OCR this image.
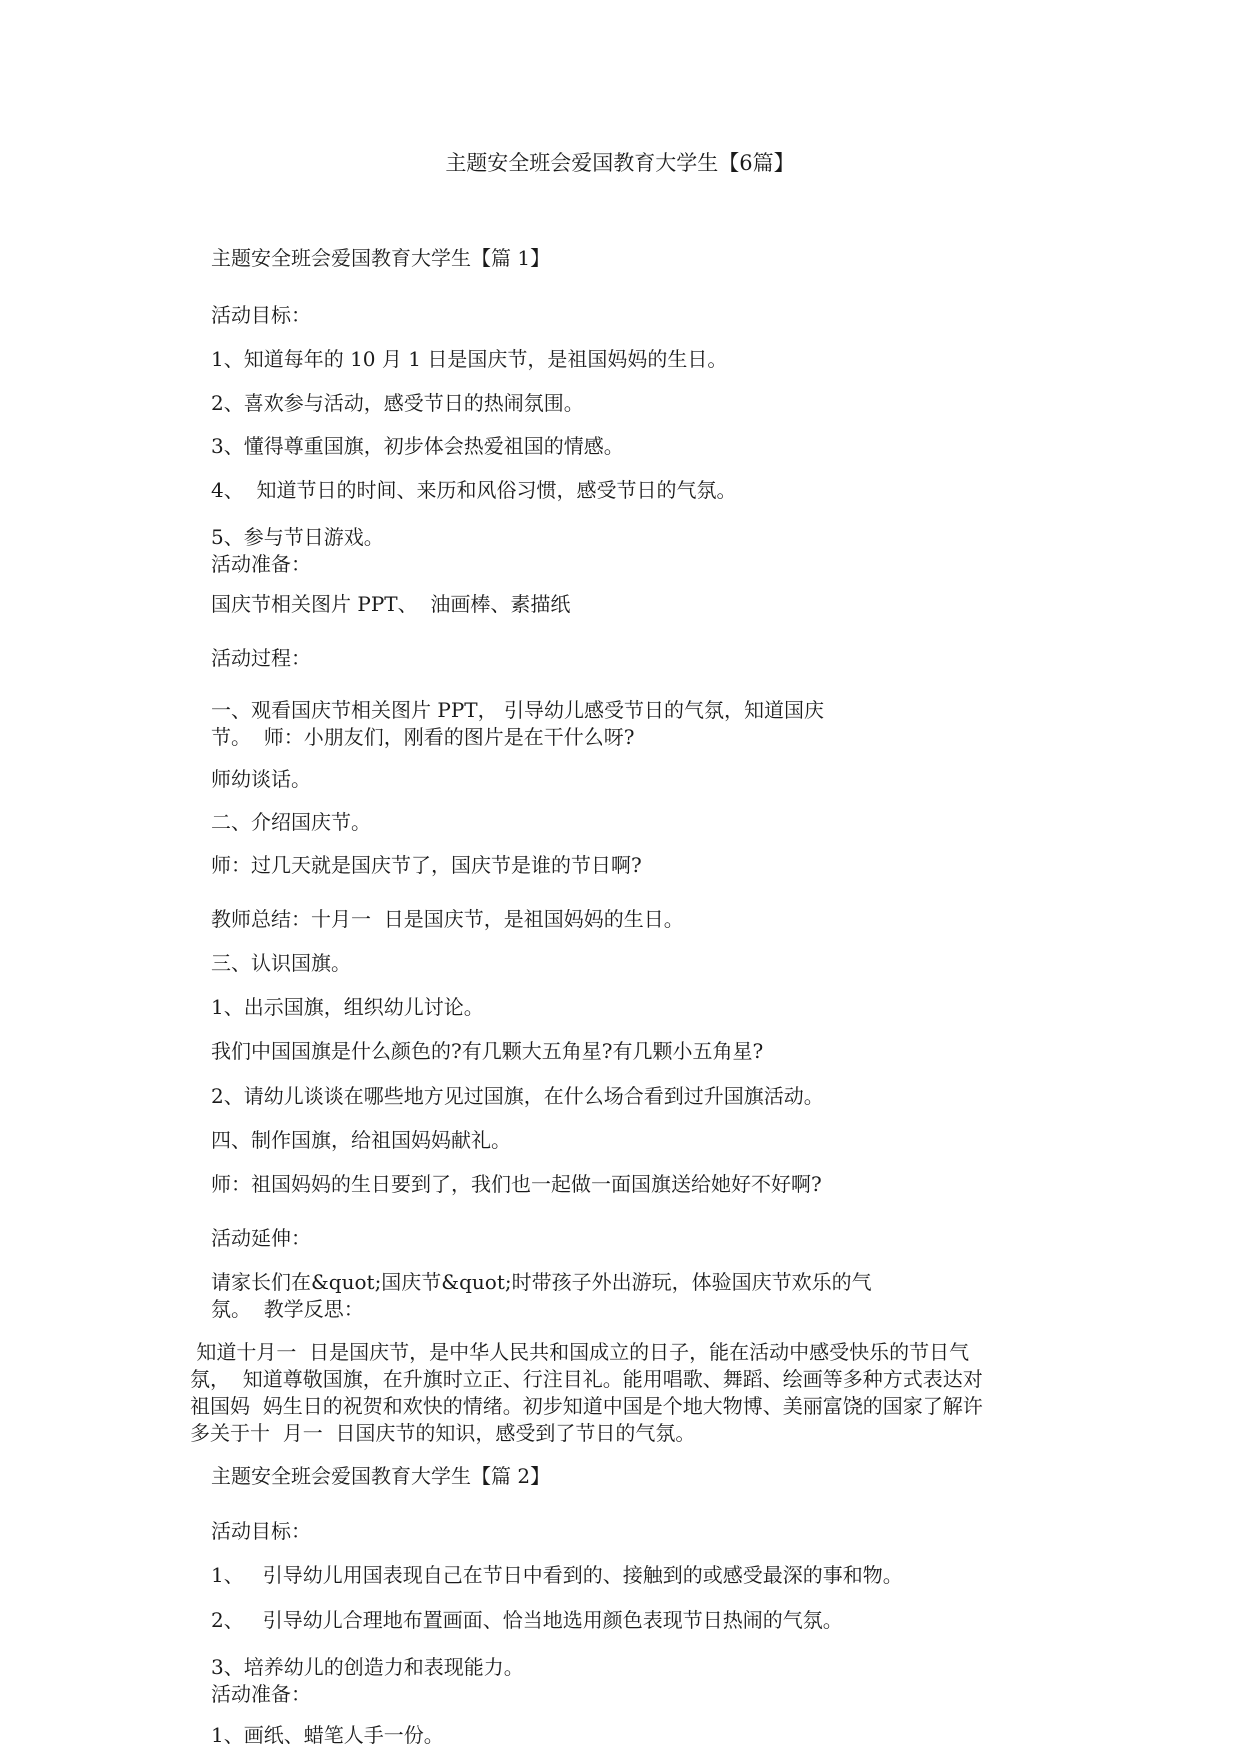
主题安全班会爱国教育大学生【6篇】
主题安全班会爱国教育大学生【篇 1】
活动目标：
1、知道每年的 10 月 1 日是国庆节，是祖国妈妈的生日。
2、喜欢参与活动，感受节日的热闹氛围。
3、懂得尊重国旗，初步体会热爱祖国的情感。
4、  知道节日的时间、来历和风俗习惯，感受节日的气氛。
5、参与节日游戏。
活动准备：
国庆节相关图片 PPT、  油画棒、素描纸
活动过程：
一、观看国庆节相关图片 PPT， 引导幼儿感受节日的气氛，知道国庆
节。  师：小朋友们，刚看的图片是在干什么呀?
师幼谈话。
二、介绍国庆节。
师：过几天就是国庆节了，国庆节是谁的节日啊?
教师总结：十月一  日是国庆节，是祖国妈妈的生日。
三、认识国旗。
1、出示国旗，组织幼儿讨论。
我们中国国旗是什么颜色的?有几颗大五角星?有几颗小五角星?
2、请幼儿谈谈在哪些地方见过国旗，在什么场合看到过升国旗活动。
四、制作国旗，给祖国妈妈献礼。
师：祖国妈妈的生日要到了，我们也一起做一面国旗送给她好不好啊?
活动延伸：
请家长们在&quot;国庆节&quot;时带孩子外出游玩，体验国庆节欢乐的气
氛。  教学反思：
知道十月一  日是国庆节，是中华人民共和国成立的日子，能在活动中感受快乐的节日气
氛，  知道尊敬国旗，在升旗时立正、行注目礼。能用唱歌、舞蹈、绘画等多种方式表达对
祖国妈  妈生日的祝贺和欢快的情绪。初步知道中国是个地大物博、美丽富饶的国家了解许
多关于十  月一  日国庆节的知识，感受到了节日的气氛。
主题安全班会爱国教育大学生【篇 2】
活动目标：
1、   引导幼儿用国表现自己在节日中看到的、接触到的或感受最深的事和物。
2、   引导幼儿合理地布置画面、恰当地选用颜色表现节日热闹的气氛。
3、培养幼儿的创造力和表现能力。
活动准备：
1、画纸、蜡笔人手一份。
